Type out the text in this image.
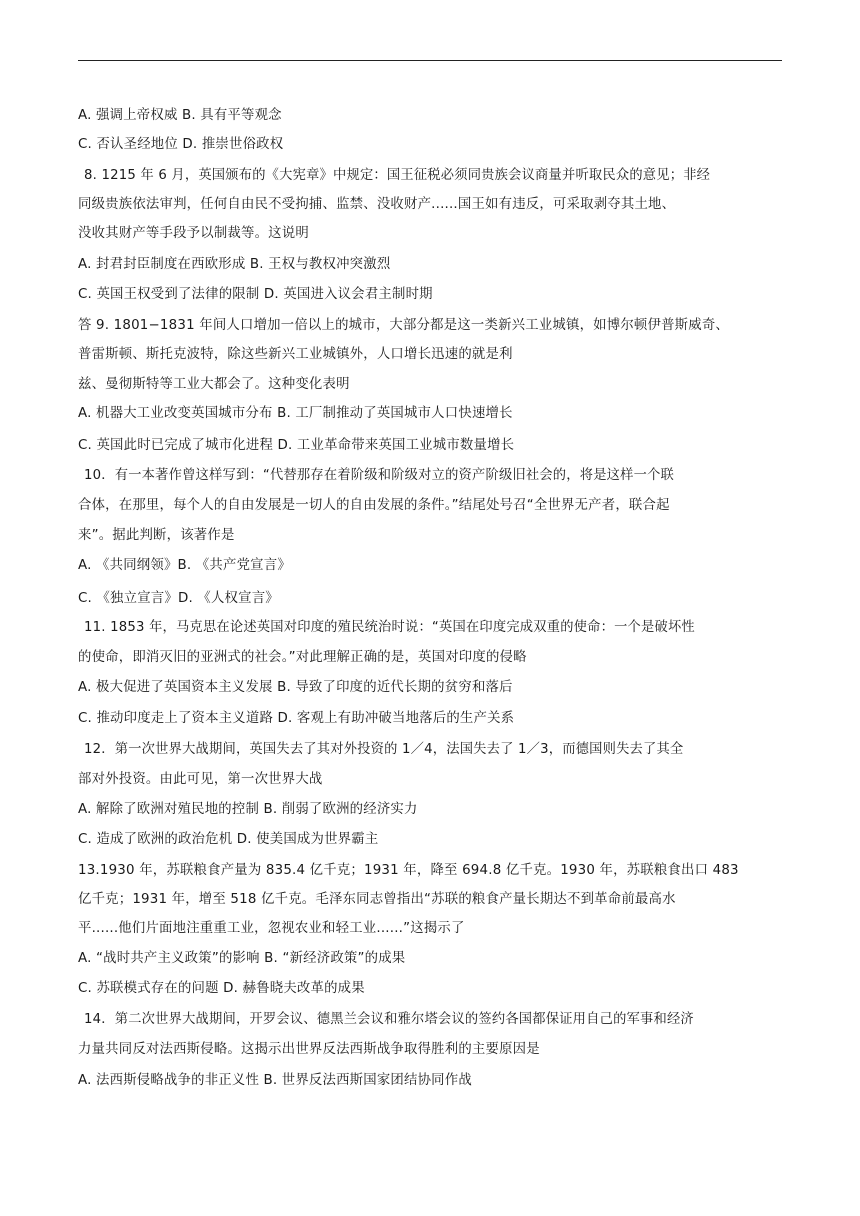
A. 强调上帝权威 B. 具有平等观念
C. 否认圣经地位 D. 推崇世俗政权
8. 1215 年 6 月，英国颁布的《大宪章》中规定：国王征税必须同贵族会议商量并听取民众的意见；非经
同级贵族依法审判，任何自由民不受拘捕、监禁、没收财产......国王如有违反，可采取剥夺其土地、
没收其财产等手段予以制裁等。这说明
A. 封君封臣制度在西欧形成 B. 王权与教权冲突激烈
C. 英国王权受到了法律的限制 D. 英国进入议会君主制时期
答 9. 1801−1831 年间人口增加一倍以上的城市，大部分都是这一类新兴工业城镇，如博尔顿伊普斯威奇、
普雷斯顿、斯托克波特，除这些新兴工业城镇外，人口增长迅速的就是利
兹、曼彻斯特等工业大都会了。这种变化表明
A. 机器大工业改变英国城市分布 B. 工厂制推动了英国城市人口快速增长
C. 英国此时已完成了城市化进程 D. 工业革命带来英国工业城市数量增长
10．有一本著作曾这样写到：“代替那存在着阶级和阶级对立的资产阶级旧社会的，将是这样一个联
合体，在那里，每个人的自由发展是一切人的自由发展的条件。”结尾处号召“全世界无产者，联合起
来”。据此判断，该著作是
A. 《共同纲领》B. 《共产党宣言》
C. 《独立宣言》D. 《人权宣言》
11. 1853 年，马克思在论述英国对印度的殖民统治时说：“英国在印度完成双重的使命：一个是破坏性
的使命，即消灭旧的亚洲式的社会。”对此理解正确的是，英国对印度的侵略
A. 极大促进了英国资本主义发展 B. 导致了印度的近代长期的贫穷和落后
C. 推动印度走上了资本主义道路 D. 客观上有助冲破当地落后的生产关系
12．第一次世界大战期间，英国失去了其对外投资的 1／4，法国失去了 1／3，而德国则失去了其全
部对外投资。由此可见，第一次世界大战
A. 解除了欧洲对殖民地的控制 B. 削弱了欧洲的经济实力
C. 造成了欧洲的政治危机 D. 使美国成为世界霸主
13.1930 年，苏联粮食产量为 835.4 亿千克；1931 年，降至 694.8 亿千克。1930 年，苏联粮食出口 483
亿千克；1931 年，增至 518 亿千克。毛泽东同志曾指出“苏联的粮食产量长期达不到革命前最高水
平......他们片面地注重重工业，忽视农业和轻工业......”这揭示了
A. “战时共产主义政策”的影响 B. “新经济政策”的成果
C. 苏联模式存在的问题 D. 赫鲁晓夫改革的成果
14．第二次世界大战期间，开罗会议、德黑兰会议和雅尔塔会议的签约各国都保证用自己的军事和经济
力量共同反对法西斯侵略。这揭示出世界反法西斯战争取得胜利的主要原因是
A. 法西斯侵略战争的非正义性 B. 世界反法西斯国家团结协同作战
